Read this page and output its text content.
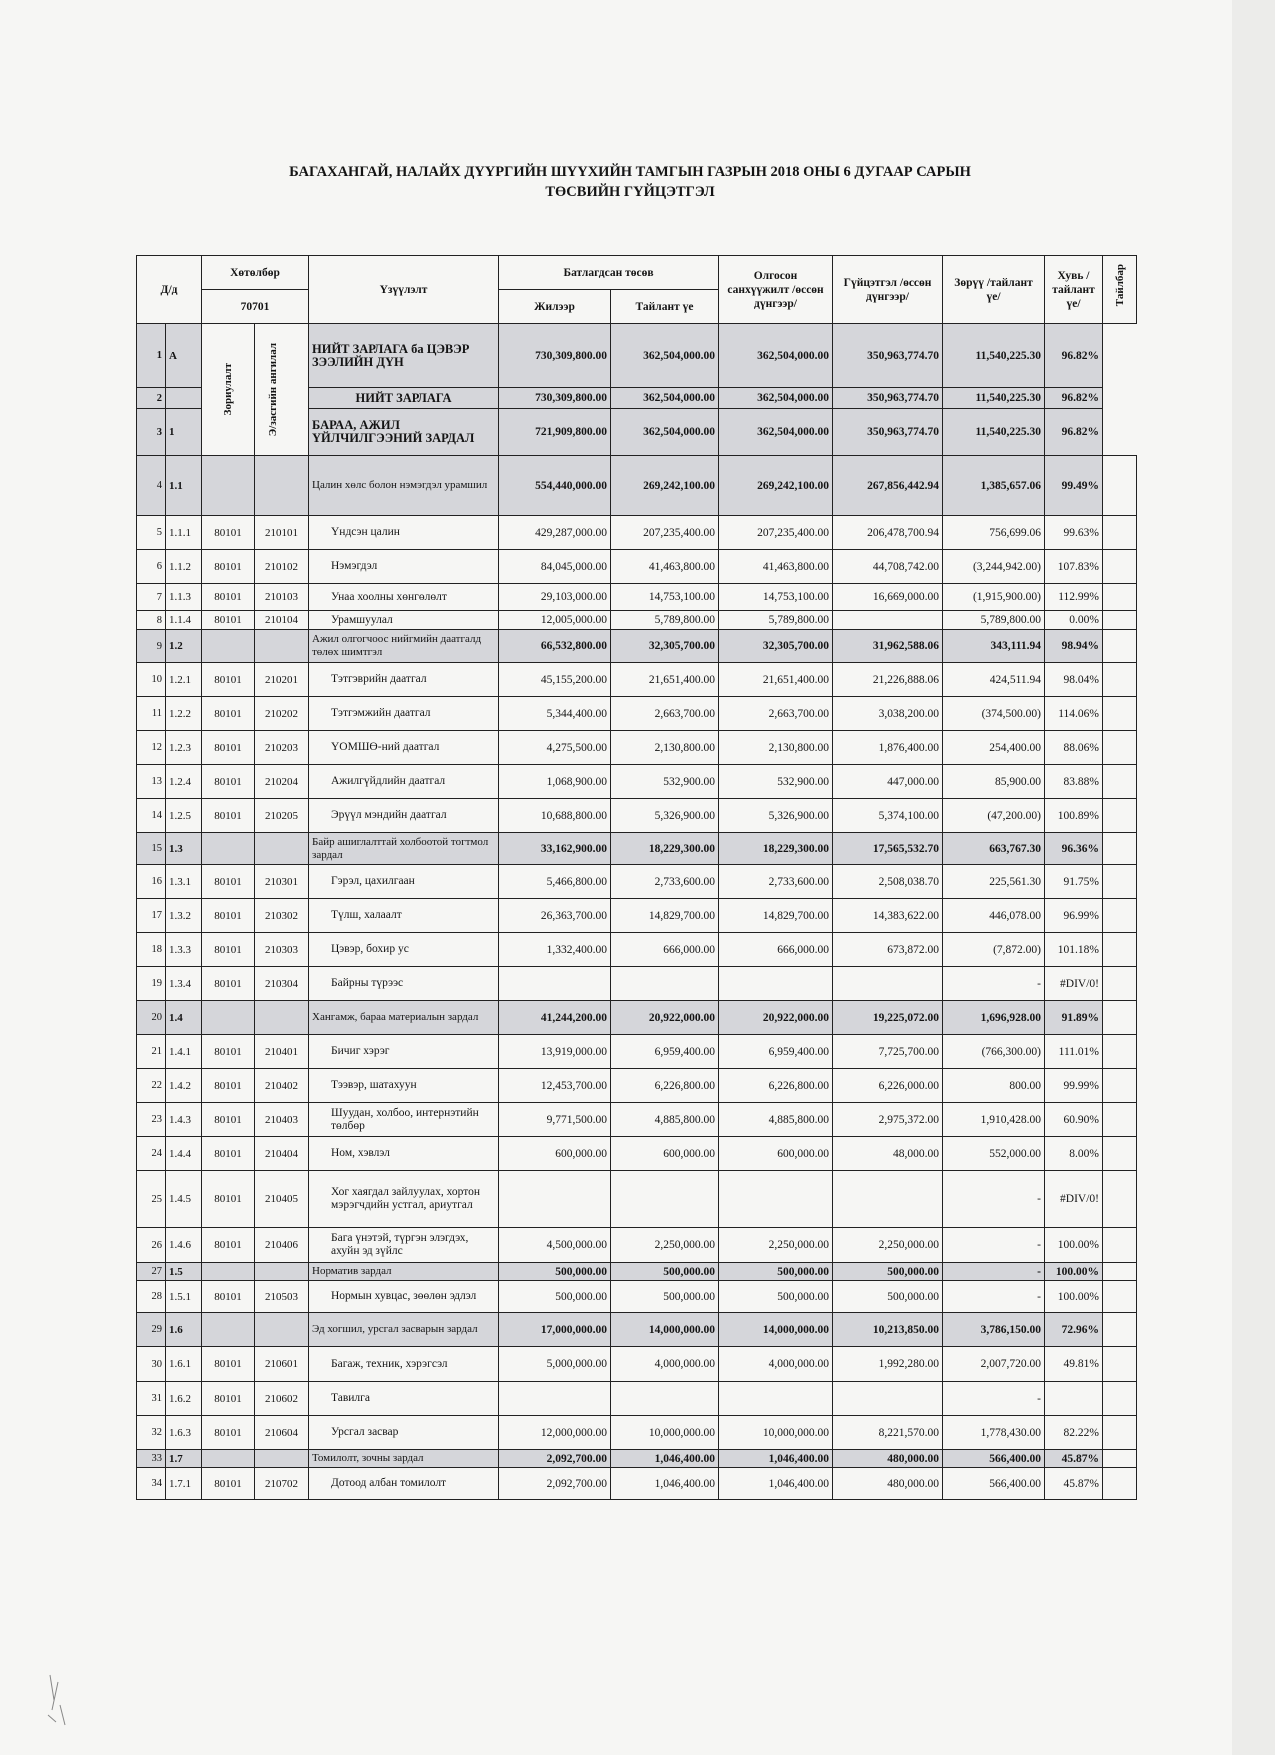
БАГАХАНГАЙ, НАЛАЙХ ДҮҮРГИЙН ШҮҮХИЙН ТАМГЫН ГАЗРЫН 2018 ОНЫ 6 ДУГААР САРЫН
ТӨСВИЙН ГҮЙЦЭТГЭЛ
Д/д		Хөтөлбөр		Үзүүлэлт	Батлагдсан төсөв		Олгосон санхүүжилт /өссөн дүнгээр/	Гүйцэтгэл /өссөн дүнгээр/	Зөрүү /тайлант үе/	Хувь /тайлант үе/	Тайлбар

		70701			Жилээр	Тайлант үе					
1	А	Зориулалт	Э/засгийн ангилал	НИЙТ ЗАРЛАГА ба ЦЭВЭР ЗЭЭЛИЙН ДҮН	730,309,800.00	362,504,000.00	362,504,000.00	350,963,774.70	11,540,225.30	96.82%	
2				НИЙТ ЗАРЛАГА	730,309,800.00	362,504,000.00	362,504,000.00	350,963,774.70	11,540,225.30	96.82%	
3	1			БАРАА, АЖИЛ ҮЙЛЧИЛГЭЭНИЙ ЗАРДАЛ	721,909,800.00	362,504,000.00	362,504,000.00	350,963,774.70	11,540,225.30	96.82%	
4	1.1			Цалин хөлс болон нэмэгдэл урамшил	554,440,000.00	269,242,100.00	269,242,100.00	267,856,442.94	1,385,657.06	99.49%	
5	1.1.1	80101	210101	Үндсэн цалин	429,287,000.00	207,235,400.00	207,235,400.00	206,478,700.94	756,699.06	99.63%	
6	1.1.2	80101	210102	Нэмэгдэл	84,045,000.00	41,463,800.00	41,463,800.00	44,708,742.00	(3,244,942.00)	107.83%	
7	1.1.3	80101	210103	Унаа хоолны хөнгөлөлт	29,103,000.00	14,753,100.00	14,753,100.00	16,669,000.00	(1,915,900.00)	112.99%	
8	1.1.4	80101	210104	Урамшуулал	12,005,000.00	5,789,800.00	5,789,800.00		5,789,800.00	0.00%	
9	1.2			Ажил олгогчоос нийгмийн даатгалд төлөх шимтгэл	66,532,800.00	32,305,700.00	32,305,700.00	31,962,588.06	343,111.94	98.94%	
10	1.2.1	80101	210201	Тэтгэврийн даатгал	45,155,200.00	21,651,400.00	21,651,400.00	21,226,888.06	424,511.94	98.04%	
11	1.2.2	80101	210202	Тэтгэмжийн даатгал	5,344,400.00	2,663,700.00	2,663,700.00	3,038,200.00	(374,500.00)	114.06%	
12	1.2.3	80101	210203	ҮОМШӨ-ний даатгал	4,275,500.00	2,130,800.00	2,130,800.00	1,876,400.00	254,400.00	88.06%	
13	1.2.4	80101	210204	Ажилгүйдлийн даатгал	1,068,900.00	532,900.00	532,900.00	447,000.00	85,900.00	83.88%	
14	1.2.5	80101	210205	Эрүүл мэндийн даатгал	10,688,800.00	5,326,900.00	5,326,900.00	5,374,100.00	(47,200.00)	100.89%	
15	1.3			Байр ашиглалттай холбоотой тогтмол зардал	33,162,900.00	18,229,300.00	18,229,300.00	17,565,532.70	663,767.30	96.36%	
16	1.3.1	80101	210301	Гэрэл, цахилгаан	5,466,800.00	2,733,600.00	2,733,600.00	2,508,038.70	225,561.30	91.75%	
17	1.3.2	80101	210302	Түлш, халаалт	26,363,700.00	14,829,700.00	14,829,700.00	14,383,622.00	446,078.00	96.99%	
18	1.3.3	80101	210303	Цэвэр, бохир ус	1,332,400.00	666,000.00	666,000.00	673,872.00	(7,872.00)	101.18%	
19	1.3.4	80101	210304	Байрны түрээс					-	#DIV/0!	
20	1.4			Хангамж, бараа материалын зардал	41,244,200.00	20,922,000.00	20,922,000.00	19,225,072.00	1,696,928.00	91.89%	
21	1.4.1	80101	210401	Бичиг хэрэг	13,919,000.00	6,959,400.00	6,959,400.00	7,725,700.00	(766,300.00)	111.01%	
22	1.4.2	80101	210402	Тээвэр, шатахуун	12,453,700.00	6,226,800.00	6,226,800.00	6,226,000.00	800.00	99.99%	
23	1.4.3	80101	210403	Шуудан, холбоо, интернэтийн төлбөр	9,771,500.00	4,885,800.00	4,885,800.00	2,975,372.00	1,910,428.00	60.90%	
24	1.4.4	80101	210404	Ном, хэвлэл	600,000.00	600,000.00	600,000.00	48,000.00	552,000.00	8.00%	
25	1.4.5	80101	210405	Хог хаягдал зайлуулах, хортон мэрэгчдийн устгал, ариутгал					-	#DIV/0!	
26	1.4.6	80101	210406	Бага үнэтэй, түргэн элэгдэх, ахуйн эд зүйлс	4,500,000.00	2,250,000.00	2,250,000.00	2,250,000.00	-	100.00%	
27	1.5			Норматив зардал	500,000.00	500,000.00	500,000.00	500,000.00	-	100.00%	
28	1.5.1	80101	210503	Нормын хувцас, зөөлөн эдлэл	500,000.00	500,000.00	500,000.00	500,000.00	-	100.00%	
29	1.6			Эд хогшил, урсгал засварын зардал	17,000,000.00	14,000,000.00	14,000,000.00	10,213,850.00	3,786,150.00	72.96%	
30	1.6.1	80101	210601	Багаж, техник, хэрэгсэл	5,000,000.00	4,000,000.00	4,000,000.00	1,992,280.00	2,007,720.00	49.81%	
31	1.6.2	80101	210602	Тавилга					-		
32	1.6.3	80101	210604	Урсгал засвар	12,000,000.00	10,000,000.00	10,000,000.00	8,221,570.00	1,778,430.00	82.22%	
33	1.7			Томилолт, зочны зардал	2,092,700.00	1,046,400.00	1,046,400.00	480,000.00	566,400.00	45.87%	
34	1.7.1	80101	210702	Дотоод албан томилолт	2,092,700.00	1,046,400.00	1,046,400.00	480,000.00	566,400.00	45.87%	
